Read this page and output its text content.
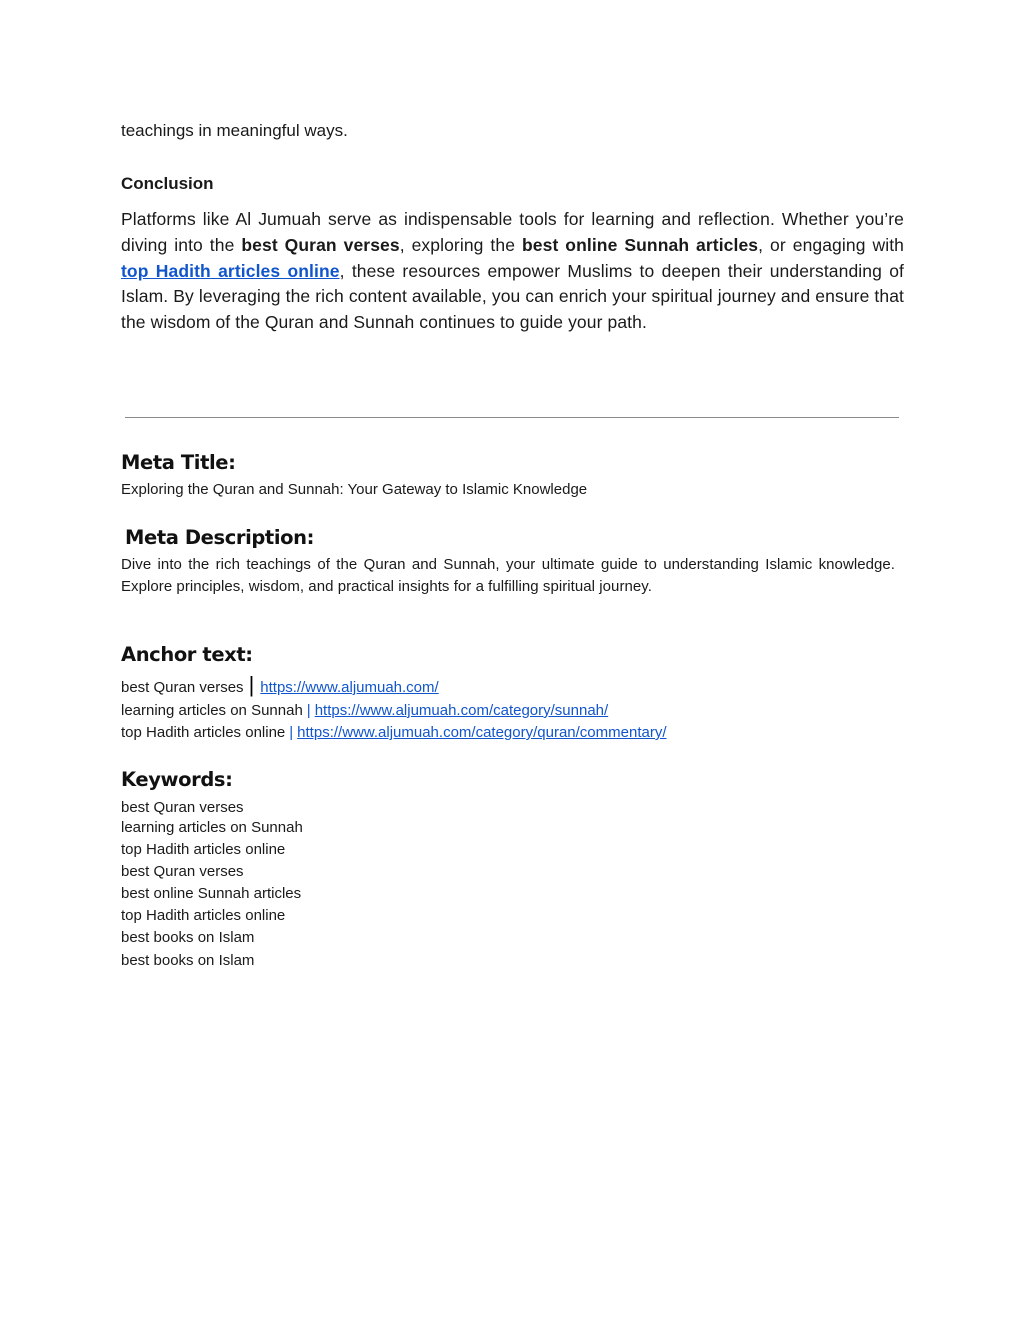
teachings in meaningful ways.
Conclusion
Platforms like Al Jumuah serve as indispensable tools for learning and reflection. Whether you’re diving into the best Quran verses, exploring the best online Sunnah articles, or engaging with top Hadith articles online, these resources empower Muslims to deepen their understanding of Islam. By leveraging the rich content available, you can enrich your spiritual journey and ensure that the wisdom of the Quran and Sunnah continues to guide your path.
Meta Title:
Exploring the Quran and Sunnah: Your Gateway to Islamic Knowledge
Meta Description:
Dive into the rich teachings of the Quran and Sunnah, your ultimate guide to understanding Islamic knowledge. Explore principles, wisdom, and practical insights for a fulfilling spiritual journey.
Anchor text:
best Quran verses | https://www.aljumuah.com/
learning articles on Sunnah | https://www.aljumuah.com/category/sunnah/
top Hadith articles online | https://www.aljumuah.com/category/quran/commentary/
Keywords:
best Quran verses
learning articles on Sunnah
top Hadith articles online
best Quran verses
best online Sunnah articles
top Hadith articles online
best books on Islam
best books on Islam
